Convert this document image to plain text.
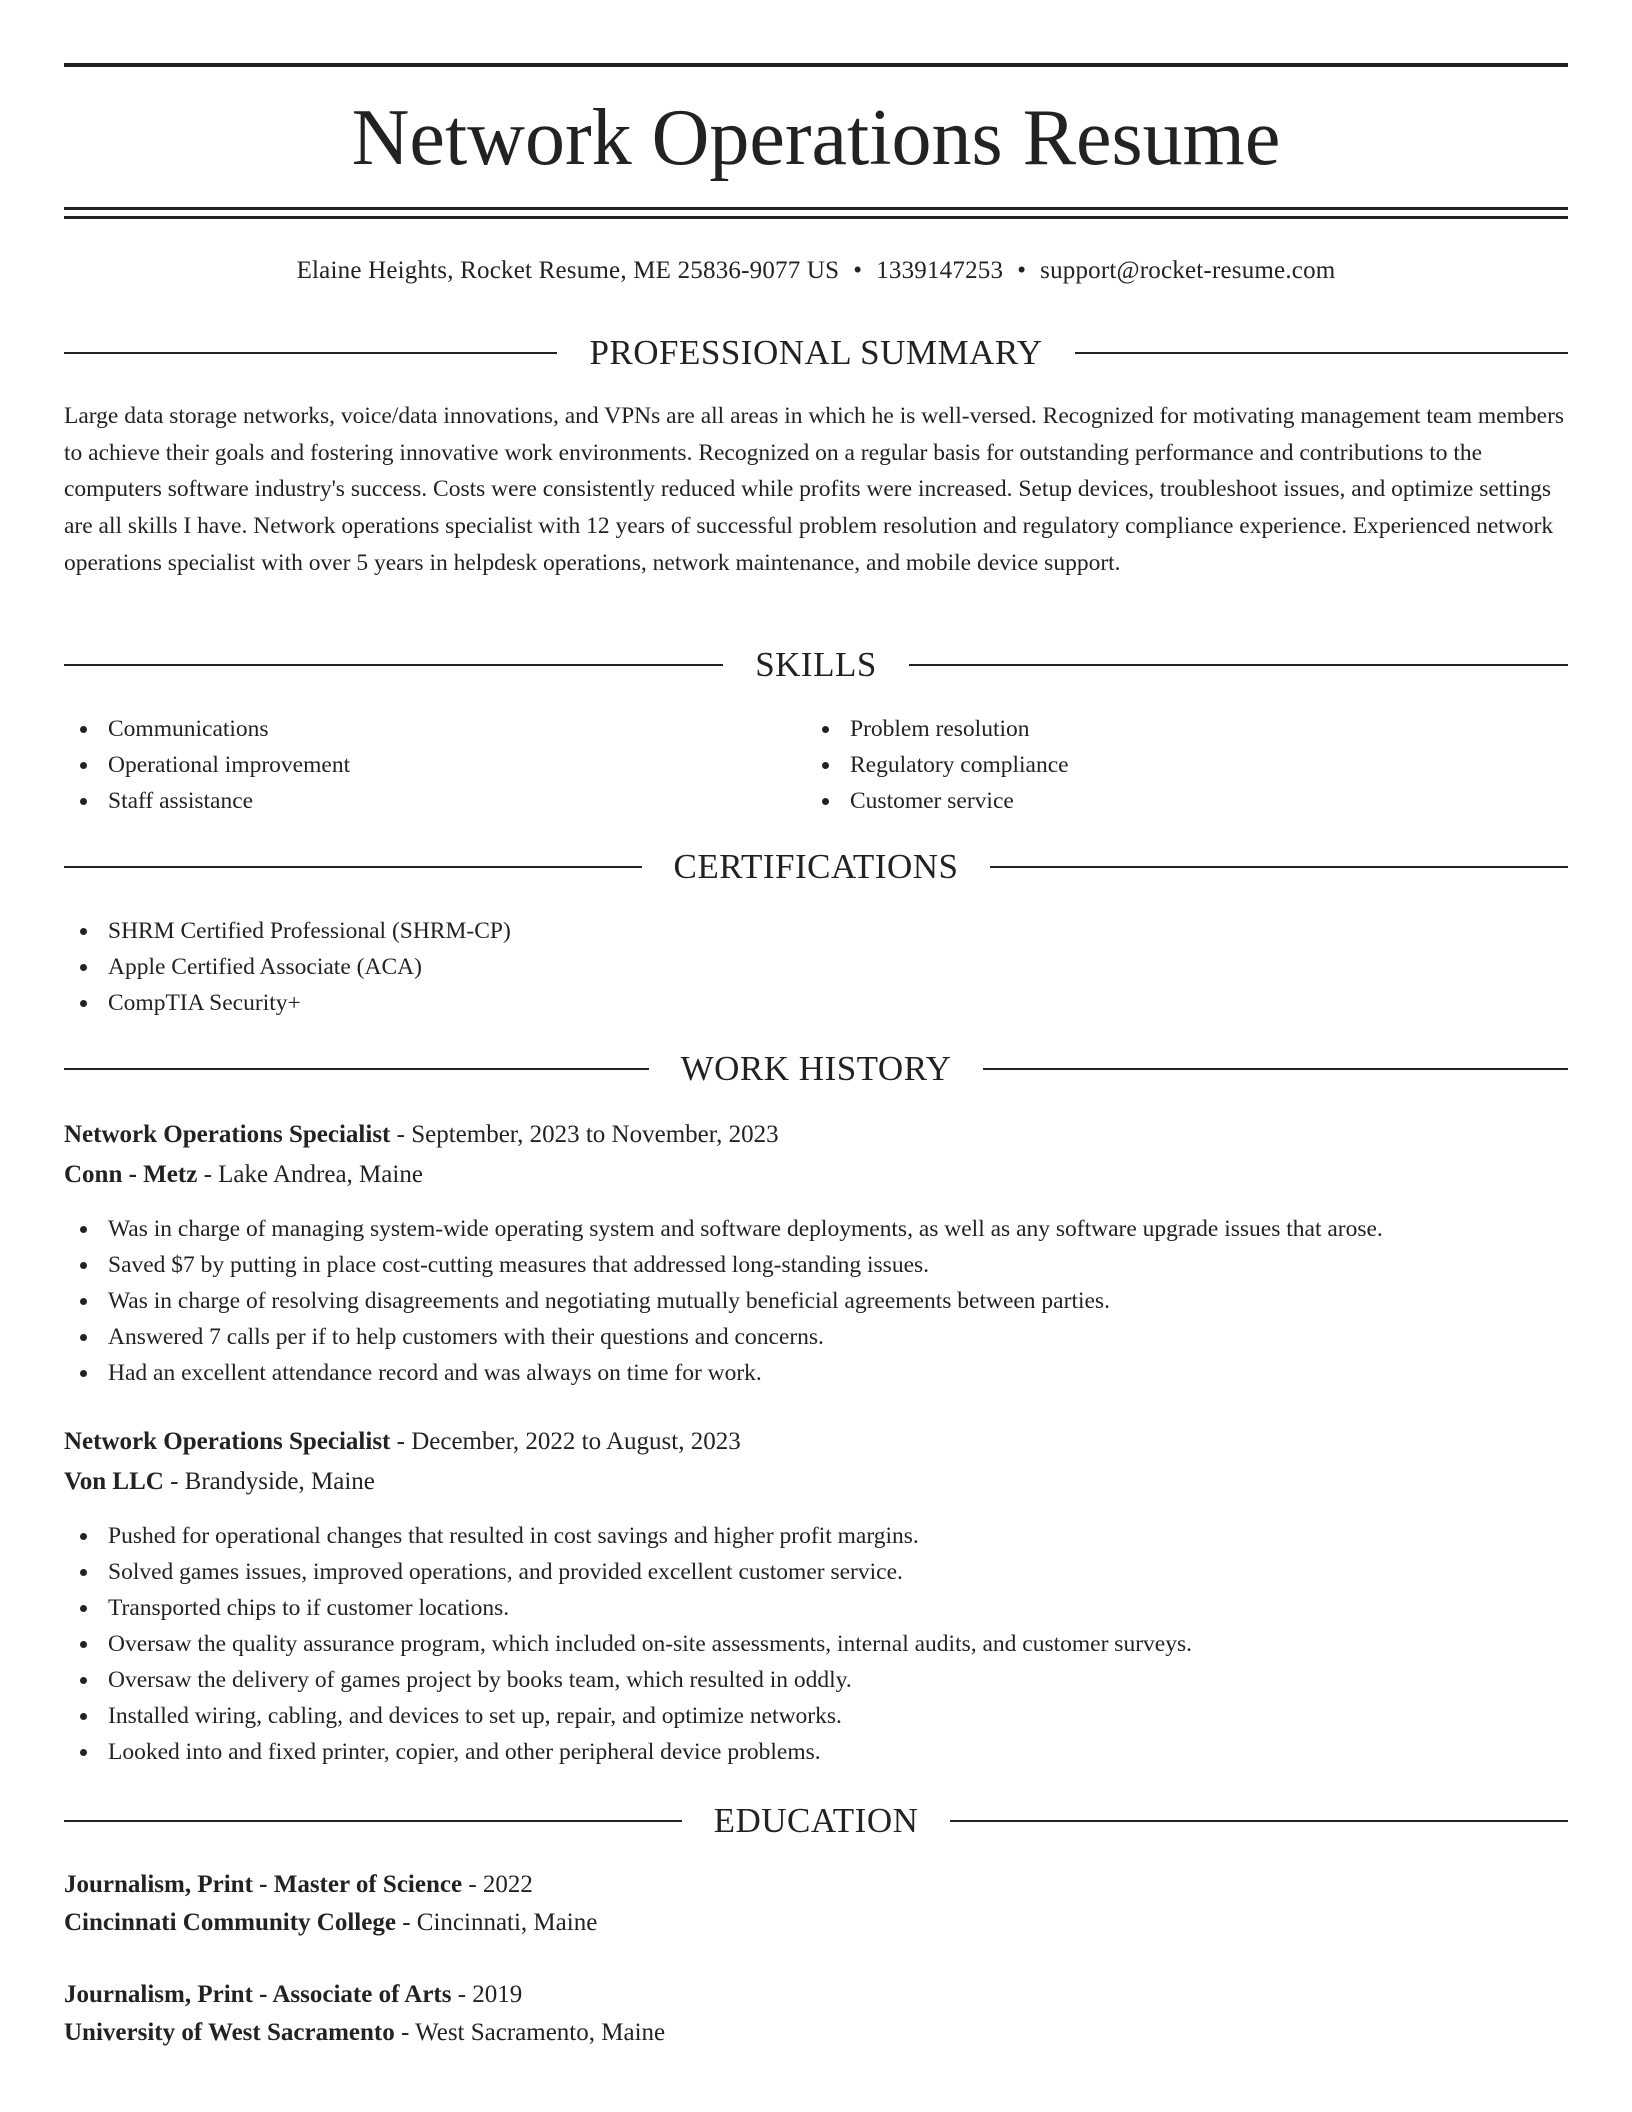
Network Operations Resume
Elaine Heights, Rocket Resume, ME 25836-9077 US • 1339147253 • support@rocket-resume.com
PROFESSIONAL SUMMARY

Large data storage networks, voice/data innovations, and VPNs are all areas in which he is well-versed. Recognized for motivating management team members to achieve their goals and fostering innovative work environments. Recognized on a regular basis for outstanding performance and contributions to the computers software industry's success. Costs were consistently reduced while profits were increased. Setup devices, troubleshoot issues, and optimize settings are all skills I have. Network operations specialist with 12 years of successful problem resolution and regulatory compliance experience. Experienced network operations specialist with over 5 years in helpdesk operations, network maintenance, and mobile device support.

SKILLS
Communications
Operational improvement
Staff assistance
Problem resolution
Regulatory compliance
Customer service
CERTIFICATIONS
SHRM Certified Professional (SHRM-CP)
Apple Certified Associate (ACA)
CompTIA Security+
WORK HISTORY
Network Operations Specialist - September, 2023 to November, 2023
Conn - Metz - Lake Andrea, Maine
Was in charge of managing system-wide operating system and software deployments, as well as any software upgrade issues that arose.
Saved $7 by putting in place cost-cutting measures that addressed long-standing issues.
Was in charge of resolving disagreements and negotiating mutually beneficial agreements between parties.
Answered 7 calls per if to help customers with their questions and concerns.
Had an excellent attendance record and was always on time for work.
Network Operations Specialist - December, 2022 to August, 2023
Von LLC - Brandyside, Maine
Pushed for operational changes that resulted in cost savings and higher profit margins.
Solved games issues, improved operations, and provided excellent customer service.
Transported chips to if customer locations.
Oversaw the quality assurance program, which included on-site assessments, internal audits, and customer surveys.
Oversaw the delivery of games project by books team, which resulted in oddly.
Installed wiring, cabling, and devices to set up, repair, and optimize networks.
Looked into and fixed printer, copier, and other peripheral device problems.
EDUCATION
Journalism, Print - Master of Science - 2022
Cincinnati Community College - Cincinnati, Maine
Journalism, Print - Associate of Arts - 2019
University of West Sacramento - West Sacramento, Maine
